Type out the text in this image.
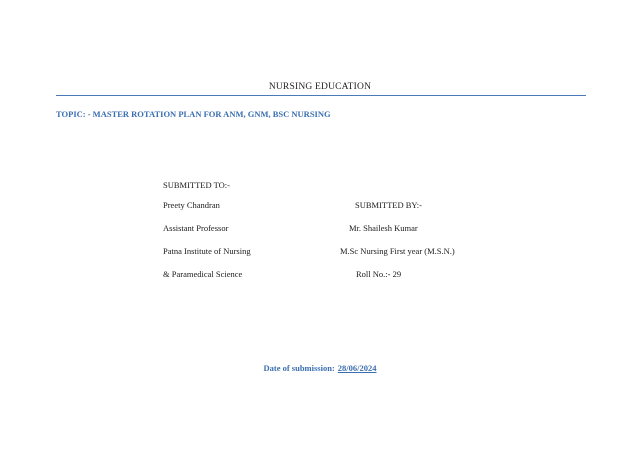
NURSING EDUCATION
TOPIC: - MASTER ROTATION PLAN FOR ANM, GNM, BSC NURSING
SUBMITTED TO:-
Preety Chandran	SUBMITTED BY:-
Assistant Professor	Mr. Shailesh Kumar
Patna Institute of Nursing	M.Sc Nursing First year (M.S.N.)
& Paramedical Science	Roll No.:- 29
Date of submission: 28/06/2024
